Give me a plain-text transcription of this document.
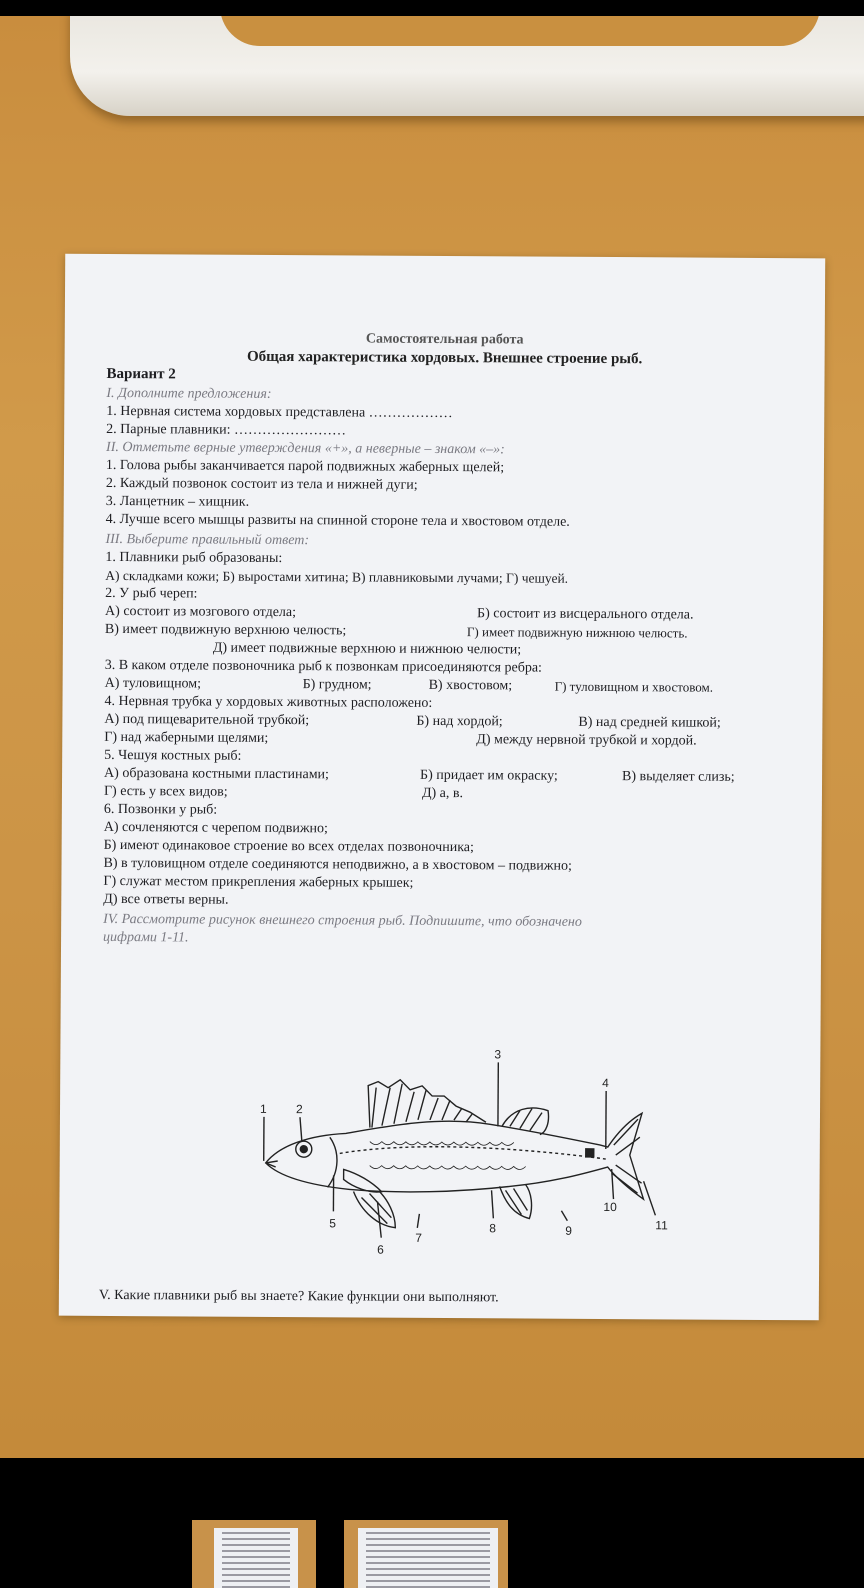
Самостоятельная работа
Общая характеристика хордовых. Внешнее строение рыб.
Вариант 2
I. Дополните предложения:
1. Нервная система хордовых представлена ………………
2. Парные плавники: ……………………
II. Отметьте верные утверждения «+», а неверные – знаком «–»:
1. Голова рыбы заканчивается парой подвижных жаберных щелей;
2. Каждый позвонок состоит из тела и нижней дуги;
3. Ланцетник – хищник.
4. Лучше всего мышцы развиты на спинной стороне тела и хвостовом отделе.
III. Выберите правильный ответ:
1. Плавники рыб образованы:
А) складками кожи; Б) выростами хитина; В) плавниковыми лучами; Г) чешуей.
2. У рыб череп:
А) состоит из мозгового отдела;	Б) состоит из висцерального отдела.
В) имеет подвижную верхнюю челюсть;	Г) имеет подвижную нижнюю челюсть.
Д) имеет подвижные верхнюю и нижнюю челюсти;
3. В каком отделе позвоночника рыб к позвонкам присоединяются ребра:
А) туловищном;	Б) грудном;	В) хвостовом;	Г) туловищном и хвостовом.
4. Нервная трубка у хордовых животных расположено:
А) под пищеварительной трубкой;	Б) над хордой;	В) над средней кишкой;
Г) над жаберными щелями;	Д) между нервной трубкой и хордой.
5. Чешуя костных рыб:
А) образована костными пластинами;	Б) придает им окраску;	В) выделяет слизь;
Г) есть у всех видов;	Д) а, в.
6. Позвонки у рыб:
А) сочленяются с черепом подвижно;
Б) имеют одинаковое строение во всех отделах позвоночника;
В) в туловищном отделе соединяются неподвижно, а в хвостовом – подвижно;
Г) служат местом прикрепления жаберных крышек;
Д) все ответы верны.
IV. Рассмотрите рисунок внешнего строения рыб. Подпишите, что обозначено
цифрами 1-11.
1 2
3
4
5
6
7
8	9
10
11
V. Какие плавники рыб вы знаете? Какие функции они выполняют.
